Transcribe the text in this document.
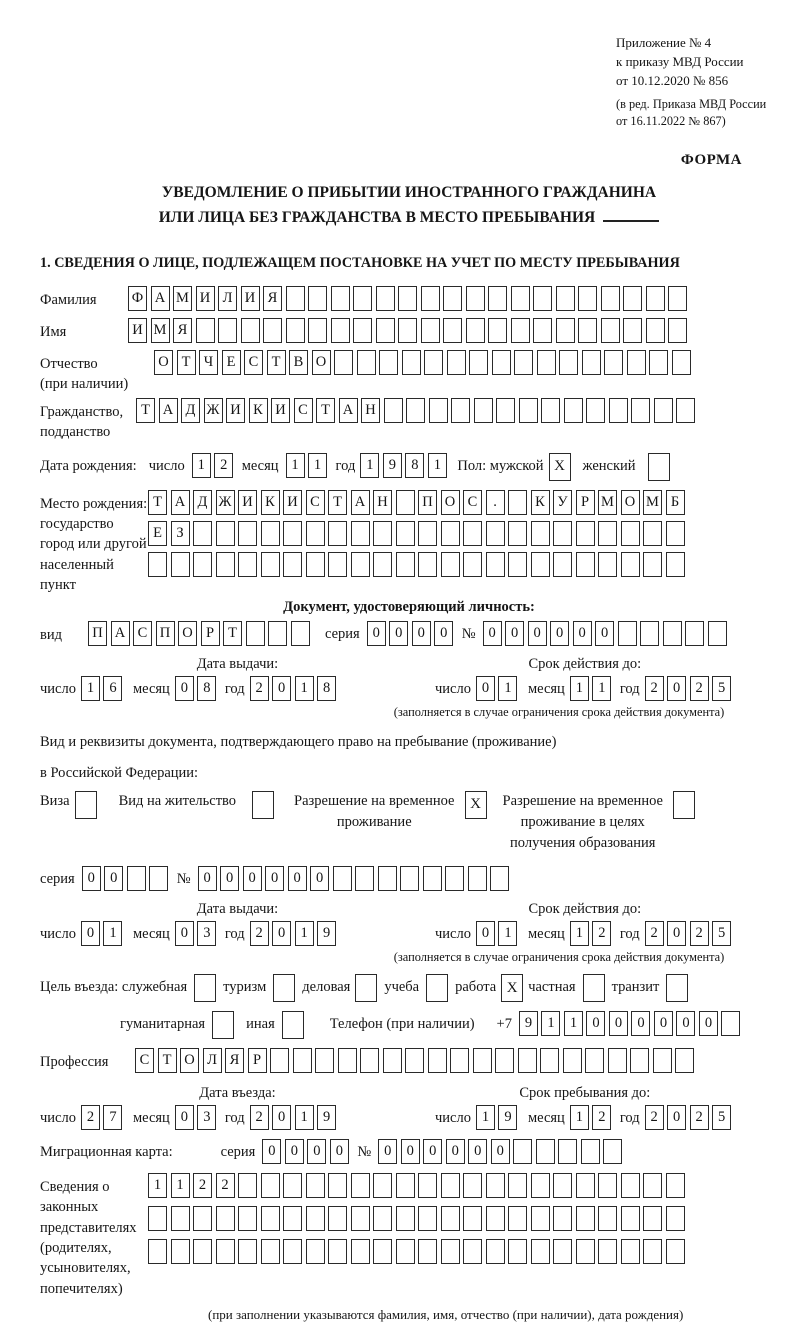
Приложение № 4
к приказу МВД России
от 10.12.2020 № 856
(в ред. Приказа МВД России
от 16.11.2022 № 867)
ФОРМА
УВЕДОМЛЕНИЕ О ПРИБЫТИИ ИНОСТРАННОГО ГРАЖДАНИНА
ИЛИ ЛИЦА БЕЗ ГРАЖДАНСТВА В МЕСТО ПРЕБЫВАНИЯ
1. СВЕДЕНИЯ О ЛИЦЕ, ПОДЛЕЖАЩЕМ ПОСТАНОВКЕ НА УЧЕТ ПО МЕСТУ ПРЕБЫВАНИЯ
Фамилия	Ф А М И Л И Я
Имя	И М Я
Отчество
(при наличии)
О Т Ч Е С Т В О
Гражданство,
подданство
Т А Д Ж И К И С Т А Н
Дата рождения: число 1	2 месяц 1	1 год 1	9	8	1	Пол: мужской X	женский
Место рождения:
государство
город или другой
населенный пункт
Т А Д Ж И К И С Т А Н П О С	.	К У Р М О М Б
Е З
Документ, удостоверяющий личность:
вид	П А С П О Р Т	серия 0	0	0	0 № 0	0	0	0	0	0
Дата выдачи:
число 1	6	месяц 0	8 год 2	0	1	8
Срок действия до:
число 0	1	месяц 1	1 год 2	0	2	5
(заполняется в случае ограничения срока действия документа)
Вид и реквизиты документа, подтверждающего право на пребывание (проживание)
в Российской Федерации:
Виза	Вид на жительство	Разрешение на временное
проживание
X	Разрешение на временное
проживание в целях
получения образования
серия 0	0	№ 0	0	0	0	0	0
Дата выдачи:
число 0	1	месяц 0	3 год 2	0	1	9
Срок действия до:
число 0	1	месяц 1	2 год 2	0	2	5
(заполняется в случае ограничения срока действия документа)
Цель въезда: служебная туризм деловая учеба работа X частная транзит
гуманитарная	иная	Телефон (при наличии) +7 9	1	1	0	0	0	0	0	0
Профессия	С Т О Л Я Р
Дата въезда:
число 2	7	месяц 0	3 год 2	0	1	9
Срок пребывания до:
число 1	9	месяц 1	2 год 2	0	2	5
Миграционная карта:	серия 0	0	0	0 № 0	0	0	0	0	0
Сведения о
законных
представителях
(родителях,
усыновителях,
попечителях)
1	1	2	2
(при заполнении указываются фамилия, имя, отчество (при наличии), дата рождения)
